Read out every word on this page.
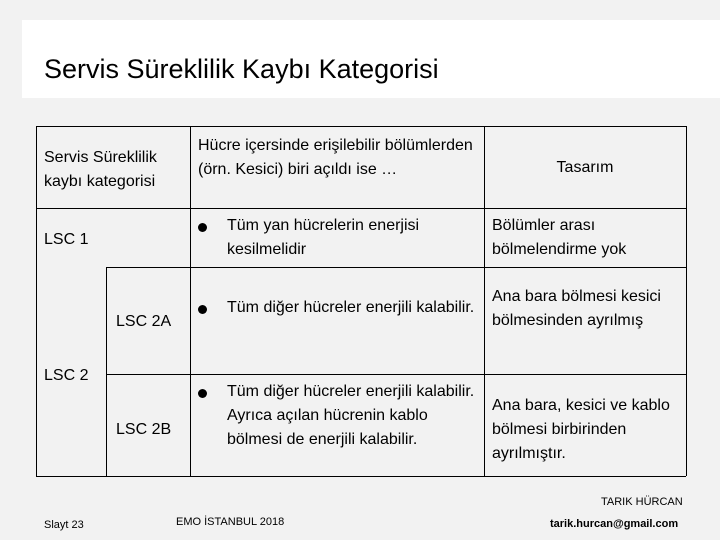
Servis Süreklilik Kaybı Kategorisi
Servis Süreklilik kaybı kategorisi
Hücre içersinde erişilebilir bölümlerden (örn. Kesici) biri açıldı ise …	Tasarım
LSC 1
Tüm yan hücrelerin enerjisi kesilmelidir
Bölümler arası bölmelendirme yok
LSC 2
LSC 2A
Tüm diğer hücreler enerjili kalabilir.
Ana bara bölmesi kesici bölmesinden ayrılmış
LSC 2B
Tüm diğer hücreler enerjili kalabilir. Ayrıca açılan hücrenin kablo bölmesi de enerjili kalabilir.
Ana bara, kesici ve kablo bölmesi birbirinden ayrılmıştır.
Slayt 23	EMO İSTANBUL 2018
TARIK HÜRCAN
tarik.hurcan@gmail.com
